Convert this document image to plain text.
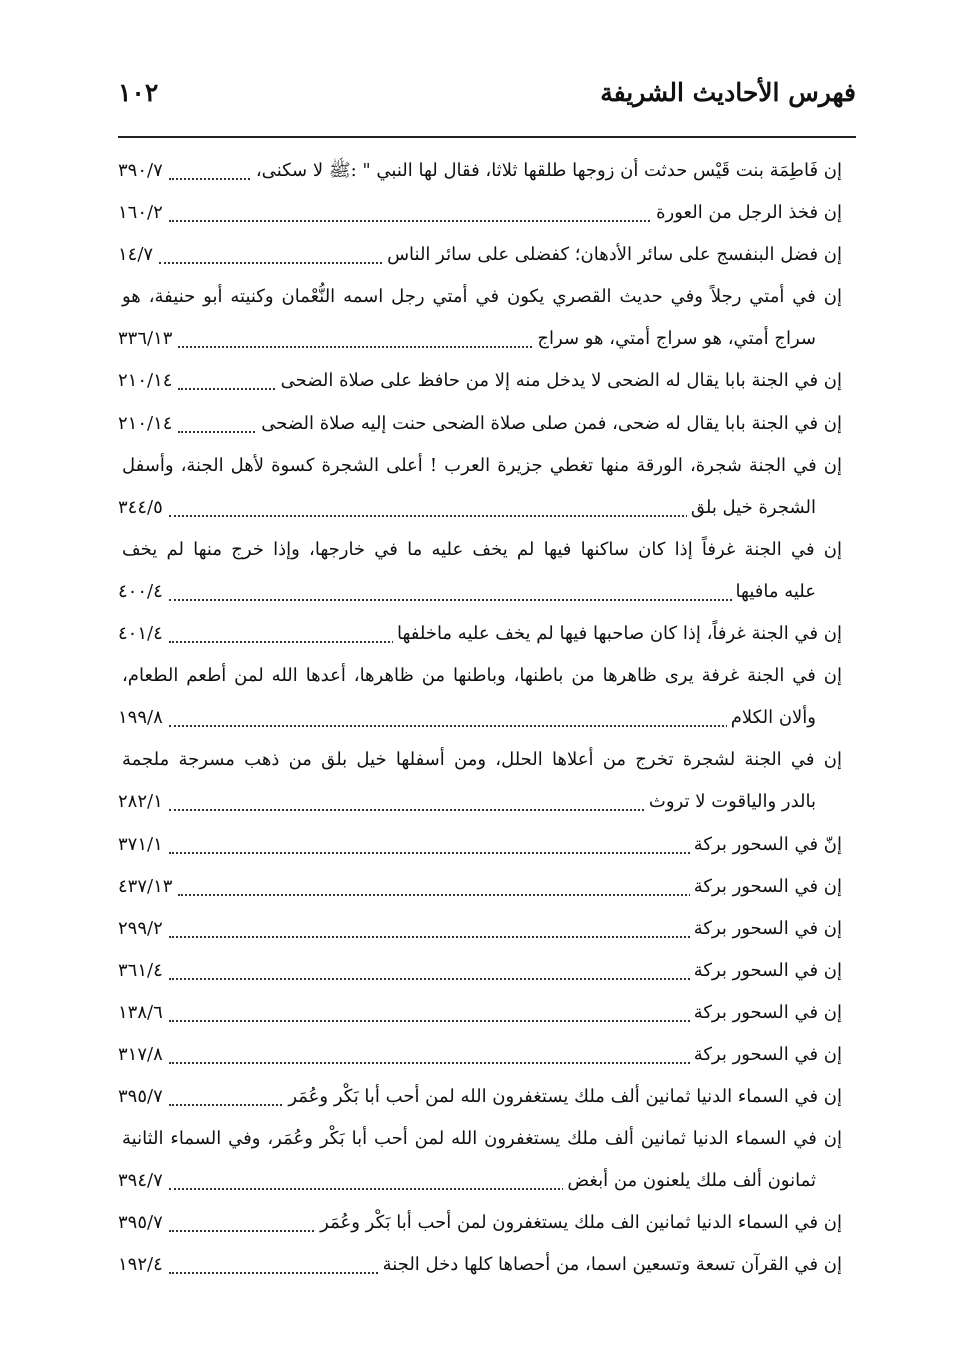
فهرس الأحاديث الشريفة
١٠٢
إن فَاطِمَة بنت قَيْس حدثت أن زوجها طلقها ثلاثا، فقال لها النبي " :ﷺ لا سكنى،
٣٩٠/٧
إن فخذ الرجل من العورة
١٦٠/٢
إن فضل البنفسج على سائر الأدهان؛ كفضلى على سائر الناس
١٤/٧
إن في أمتي رجلاً وفي حديث القصري يكون في أمتي رجل اسمه النُّعْمان وكنيته أبو حنيفة، هو
سراج أمتي، هو سراج أمتي، هو سراج
٣٣٦/١٣
إن في الجنة بابا يقال له الضحى لا يدخل منه إلا من حافظ على صلاة الضحى
٢١٠/١٤
إن في الجنة بابا يقال له ضحى، فمن صلى صلاة الضحى حنت إليه صلاة الضحى
٢١٠/١٤
إن في الجنة شجرة، الورقة منها تغطي جزيرة العرب ! أعلى الشجرة كسوة لأهل الجنة، وأسفل
الشجرة خيل بلق
٣٤٤/٥
إن في الجنة غرفاً إذا كان ساكنها فيها لم يخف عليه ما في خارجها، وإذا خرج منها لم يخف
عليه مافيها
٤٠٠/٤
إن في الجنة غرفاً، إذا كان صاحبها فيها لم يخف عليه ماخلفها
٤٠١/٤
إن في الجنة غرفة يرى ظاهرها من باطنها، وباطنها من ظاهرها، أعدها الله لمن أطعم الطعام،
وألان الكلام
١٩٩/٨
إن في الجنة لشجرة تخرج من أعلاها الحلل، ومن أسفلها خيل بلق من ذهب مسرجة ملجمة
بالدر والياقوت لا تروث
٢٨٢/١
إنّ في السحور بركة
٣٧١/١
إن في السحور بركة
٤٣٧/١٣
إن في السحور بركة
٢٩٩/٢
إن في السحور بركة
٣٦١/٤
إن في السحور بركة
١٣٨/٦
إن في السحور بركة
٣١٧/٨
إن في السماء الدنيا ثمانين ألف ملك يستغفرون الله لمن أحب أبا بَكْر وعُمَر
٣٩٥/٧
إن في السماء الدنيا ثمانين ألف ملك يستغفرون الله لمن أحب أبا بَكْر وعُمَر، وفي السماء الثانية
ثمانون ألف ملك يلعنون من أبغض
٣٩٤/٧
إن في السماء الدنيا ثمانين الف ملك يستغفرون لمن أحب أبا بَكْر وعُمَر
٣٩٥/٧
إن في القرآن تسعة وتسعين اسما، من أحصاها كلها دخل الجنة
١٩٢/٤
